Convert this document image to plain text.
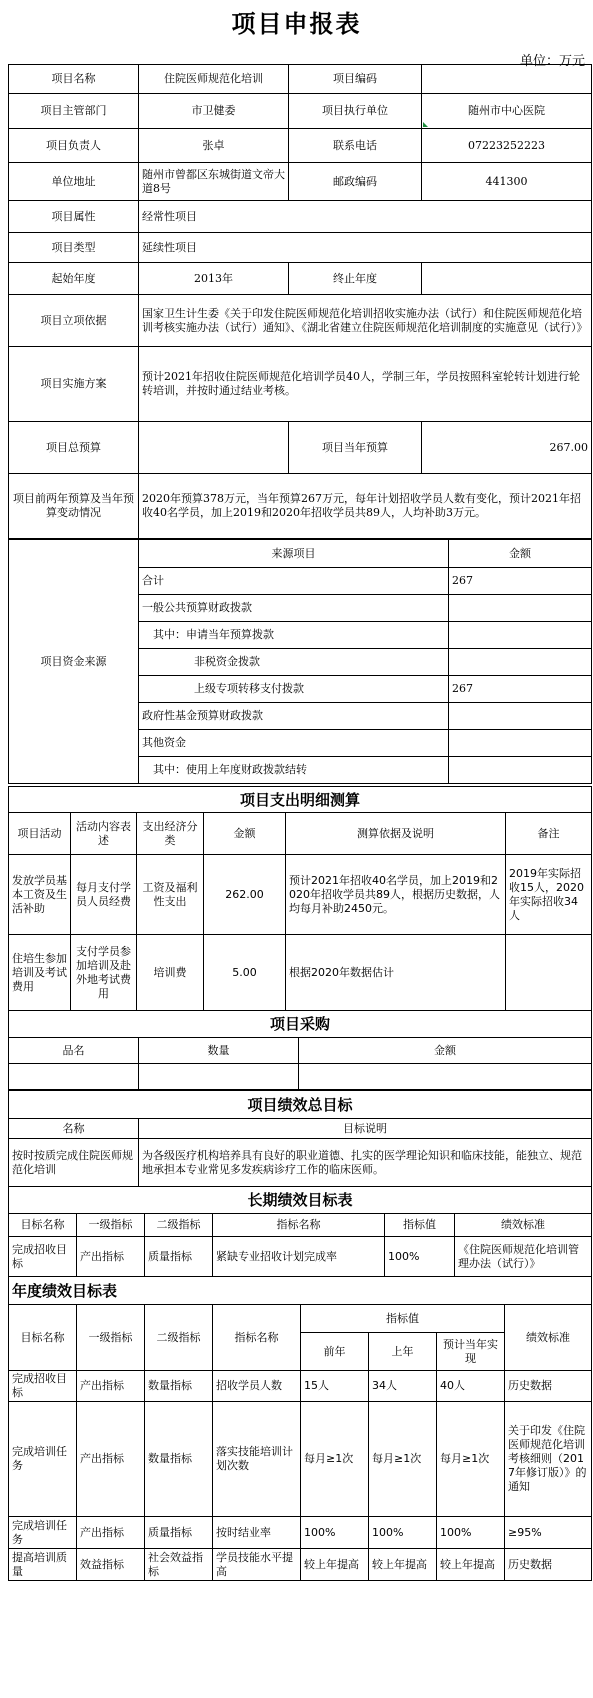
项目申报表
单位：万元
项目名称	住院医师规范化培训	项目编码	
项目主管部门	市卫健委	项目执行单位	随州市中心医院
项目负责人	张卓	联系电话	07223252223
单位地址	随州市曾都区东城街道文帝大道8号	邮政编码	441300
项目属性	经常性项目		
项目类型	延续性项目		
起始年度	2013年	终止年度	
项目立项依据	国家卫生计生委《关于印发住院医师规范化培训招收实施办法（试行）和住院医师规范化培训考核实施办法（试行）通知》、《湖北省建立住院医师规范化培训制度的实施意见（试行）》		
项目实施方案	预计2021年招收住院医师规范化培训学员40人，学制三年，学员按照科室轮转计划进行轮转培训，并按时通过结业考核。		
项目总预算		项目当年预算	267.00
项目前两年预算及当年预算变动情况	2020年预算378万元，当年预算267万元，每年计划招收学员人数有变化，预计2021年招收40名学员，加上2019和2020年招收学员共89人，人均补助3万元。		
项目资金来源	来源项目	金额
	合计	267
	一般公共预算财政拨款	
	其中：申请当年预算拨款	
	非税资金拨款	
	上级专项转移支付拨款	267
	政府性基金预算财政拨款	
	其他资金	
	其中：使用上年度财政拨款结转	
项目支出明细测算					
项目活动	活动内容表述	支出经济分类	金额	测算依据及说明	备注
发放学员基本工资及生活补助	每月支付学员人员经费	工资及福利性支出	262.00	预计2021年招收40名学员，加上2019和2020年招收学员共89人，根据历史数据，人均每月补助2450元。	2019年实际招收15人，2020年实际招收34人
住培生参加培训及考试费用	支付学员参加培训及赴外地考试费用	培训费	5.00	根据2020年数据估计	
项目采购		
品名	数量	金额

项目绩效总目标	
名称	目标说明
按时按质完成住院医师规范化培训	为各级医疗机构培养具有良好的职业道德、扎实的医学理论知识和临床技能，能独立、规范地承担本专业常见多发疾病诊疗工作的临床医师。
长期绩效目标表					
目标名称	一级指标	二级指标	指标名称	指标值	绩效标准
完成招收目标	产出指标	质量指标	紧缺专业招收计划完成率	100%	《住院医师规范化培训管理办法（试行）》
年度绩效目标表							
目标名称	一级指标	二级指标	指标名称	指标值			绩效标准
				前年	上年	预计当年实现	
完成招收目标	产出指标	数量指标	招收学员人数	15人	34人	40人	历史数据
完成培训任务	产出指标	数量指标	落实技能培训计划次数	每月≥1次	每月≥1次	每月≥1次	关于印发《住院医师规范化培训考核细则（2017年修订版）》的通知
完成培训任务	产出指标	质量指标	按时结业率	100%	100%	100%	≥95%
提高培训质量	效益指标	社会效益指标	学员技能水平提高	较上年提高	较上年提高	较上年提高	历史数据
